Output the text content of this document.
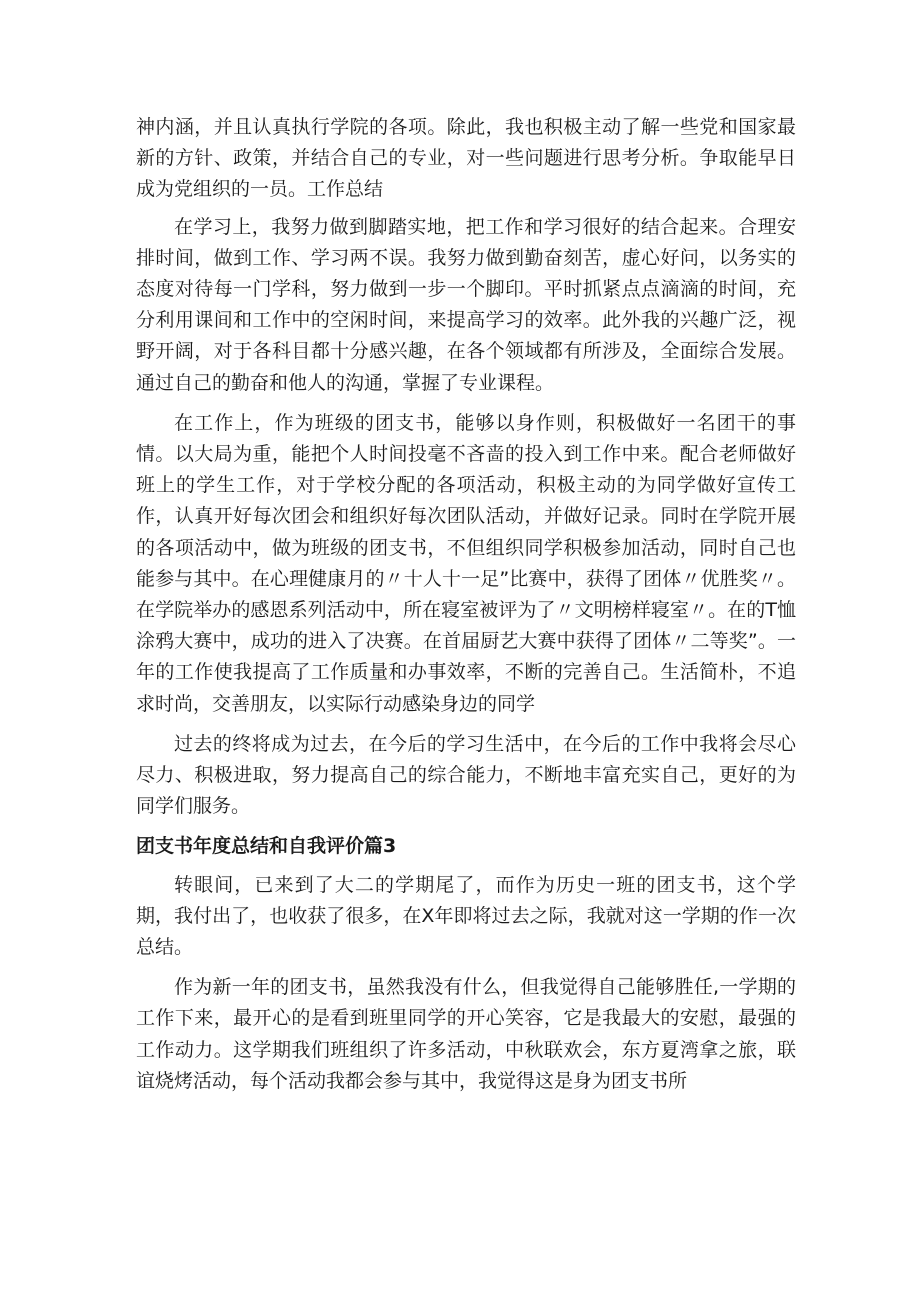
神内涵，并且认真执行学院的各项。除此，我也积极主动了解一些党和国家最新的方针、政策，并结合自己的专业，对一些问题进行思考分析。争取能早日成为党组织的一员。工作总结

在学习上，我努力做到脚踏实地，把工作和学习很好的结合起来。合理安排时间，做到工作、学习两不误。我努力做到勤奋刻苦，虚心好问，以务实的态度对待每一门学科，努力做到一步一个脚印。平时抓紧点点滴滴的时间，充分利用课间和工作中的空闲时间，来提高学习的效率。此外我的兴趣广泛，视野开阔，对于各科目都十分感兴趣，在各个领域都有所涉及，全面综合发展。通过自己的勤奋和他人的沟通，掌握了专业课程。

在工作上，作为班级的团支书，能够以身作则，积极做好一名团干的事情。以大局为重，能把个人时间投毫不吝啬的投入到工作中来。配合老师做好班上的学生工作，对于学校分配的各项活动，积极主动的为同学做好宣传工作，认真开好每次团会和组织好每次团队活动，并做好记录。同时在学院开展的各项活动中，做为班级的团支书，不但组织同学积极参加活动，同时自己也能参与其中。在心理健康月的〃十人十一足”比赛中，获得了团体〃优胜奖〃。在学院举办的感恩系列活动中，所在寝室被评为了〃文明榜样寝室〃。在的T恤涂鸦大赛中，成功的进入了决赛。在首届厨艺大赛中获得了团体〃二等奖”。一年的工作使我提高了工作质量和办事效率，不断的完善自己。生活简朴，不追求时尚，交善朋友，以实际行动感染身边的同学

过去的终将成为过去，在今后的学习生活中，在今后的工作中我将会尽心尽力、积极进取，努力提高自己的综合能力，不断地丰富充实自己，更好的为同学们服务。

团支书年度总结和自我评价篇3

转眼间，已来到了大二的学期尾了，而作为历史一班的团支书，这个学期，我付出了，也收获了很多，在X年即将过去之际，我就对这一学期的作一次总结。

作为新一年的团支书，虽然我没有什么，但我觉得自己能够胜任,一学期的工作下来，最开心的是看到班里同学的开心笑容，它是我最大的安慰，最强的工作动力。这学期我们班组织了许多活动，中秋联欢会，东方夏湾拿之旅，联谊烧烤活动，每个活动我都会参与其中，我觉得这是身为团支书所
